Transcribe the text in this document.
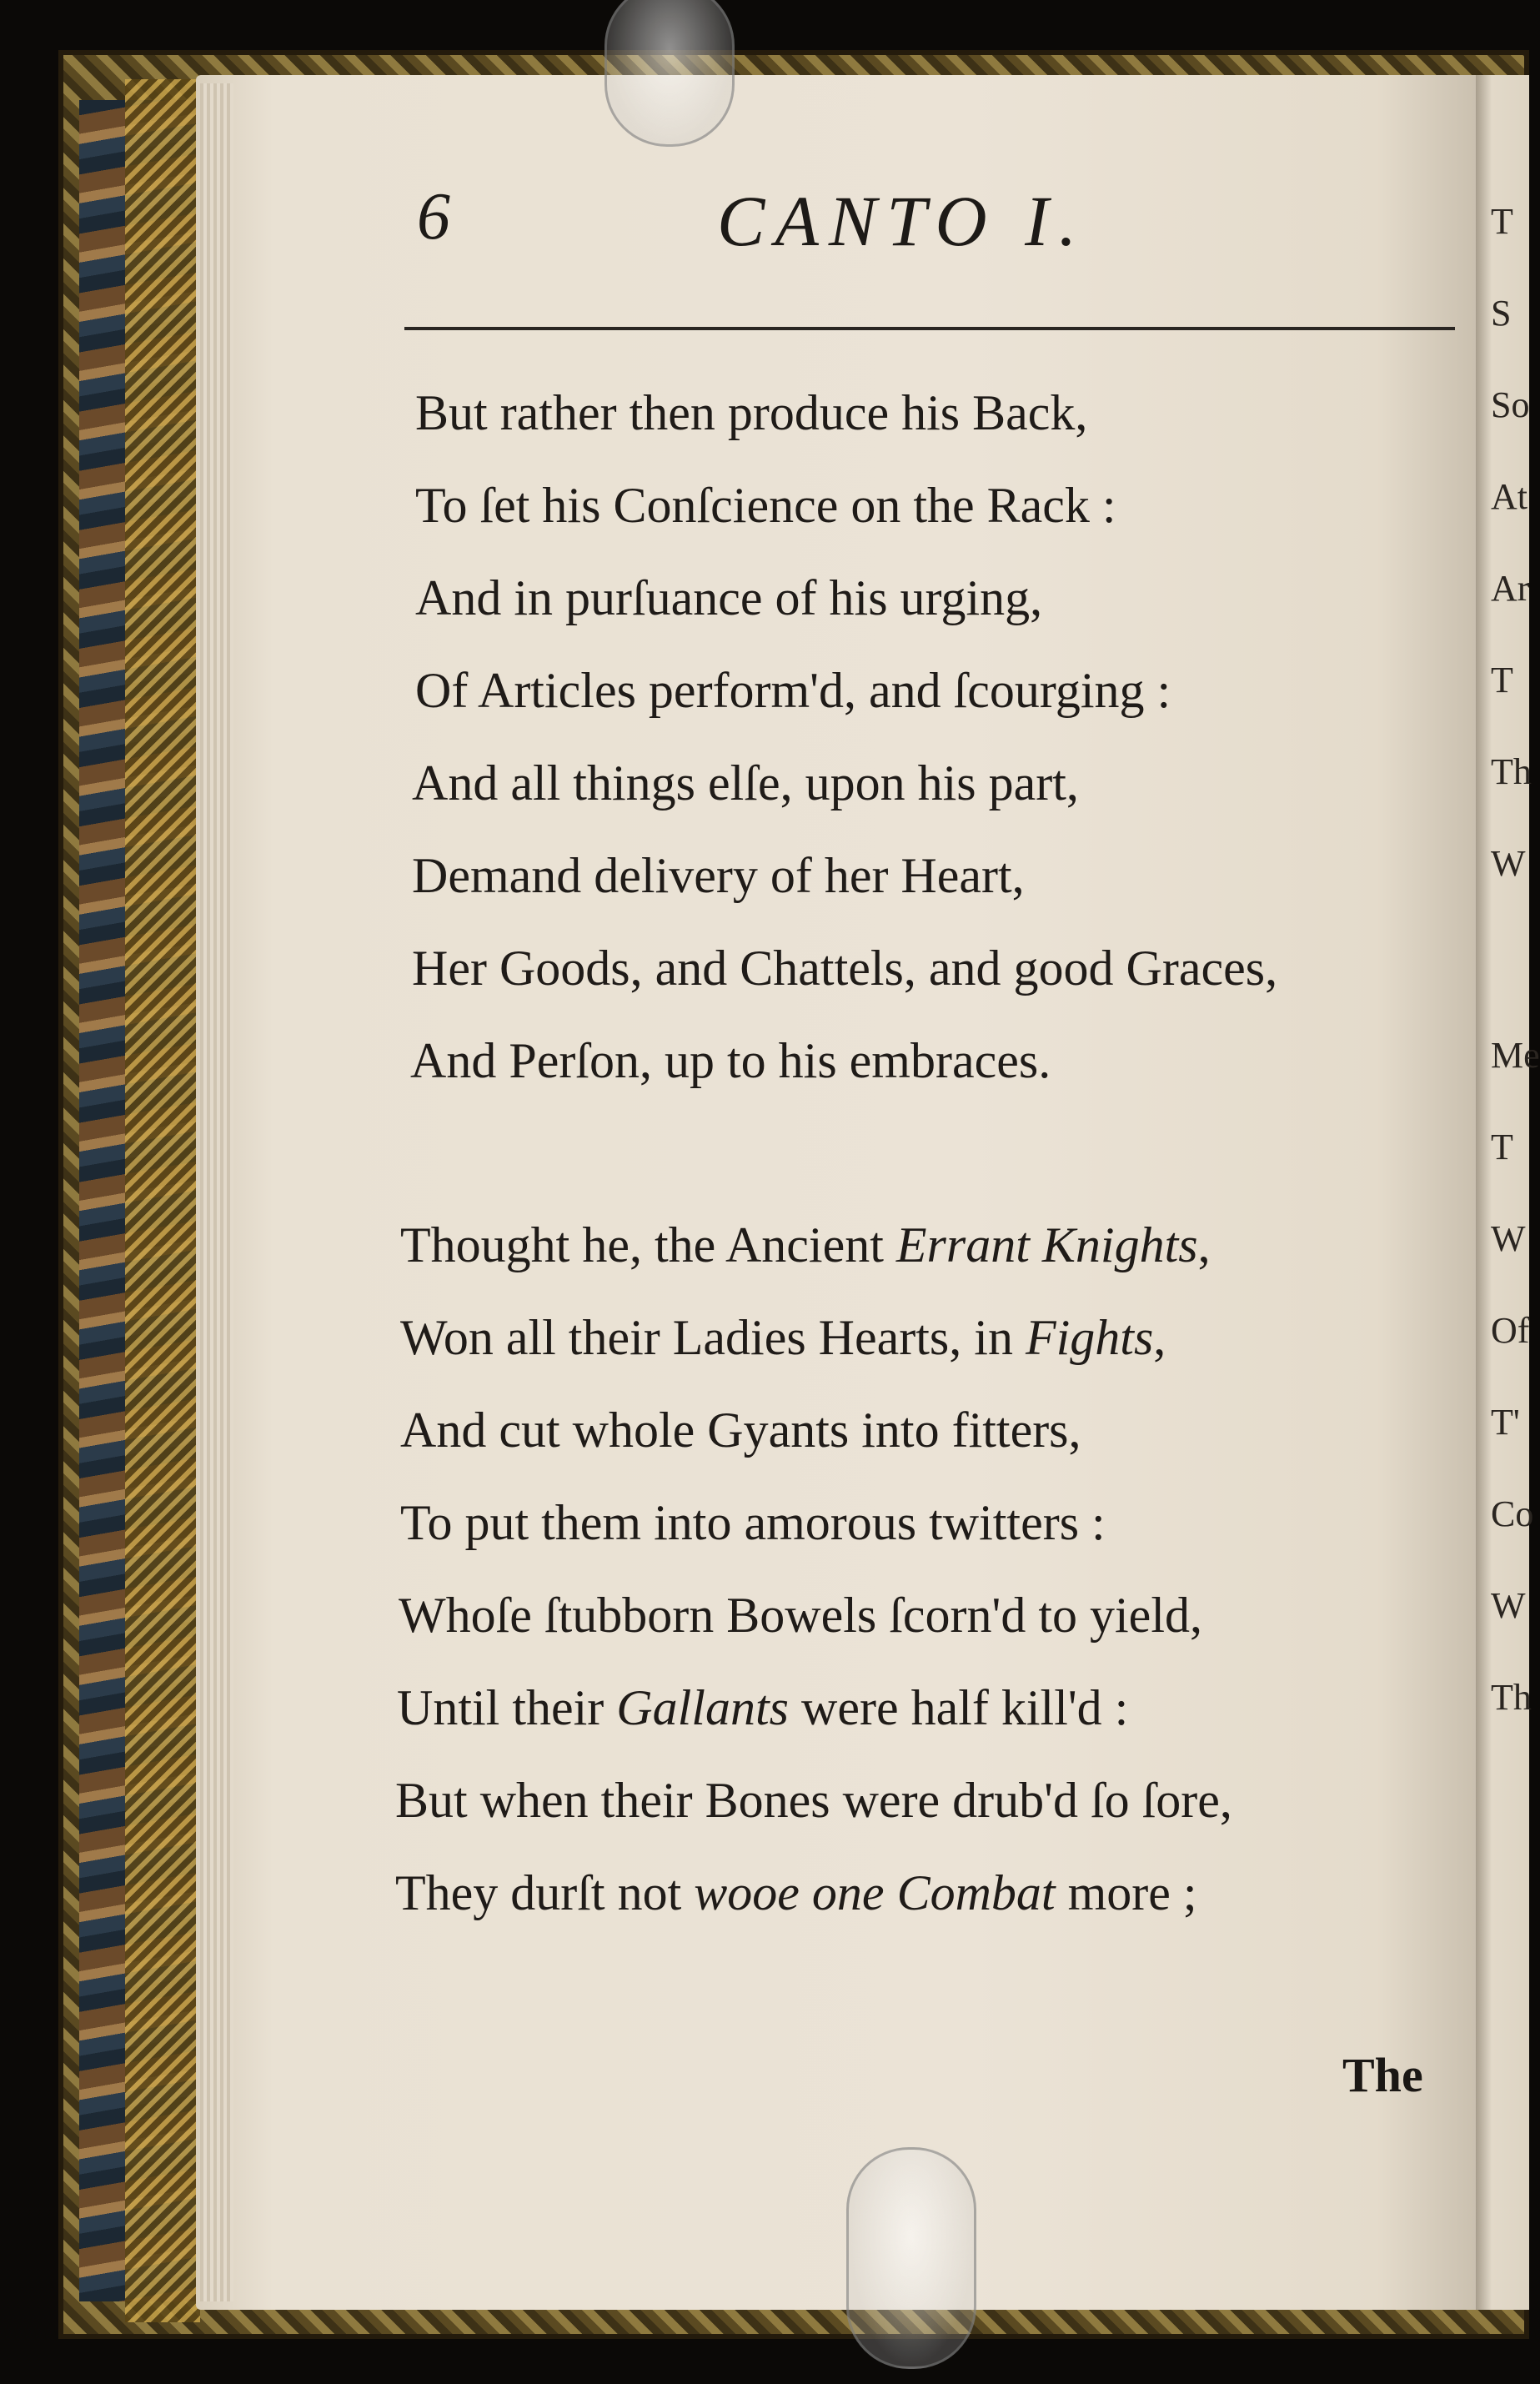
T
S
So
At
Ar
T
Th
W
Me
T
W
Of
T'
Co
W
Th
6	CANTO I.
But rather then produce his Back,
To ſet his Conſcience on the Rack :
And in purſuance of his urging,
Of Articles perform'd, and ſcourging :
And all things elſe, upon his part,
Demand delivery of her Heart,
Her Goods, and Chattels, and good Graces,
And Perſon, up to his embraces.
Thought he, the Ancient Errant Knights,
Won all their Ladies Hearts, in Fights,
And cut whole Gyants into fitters,
To put them into amorous twitters :
Whoſe ſtubborn Bowels ſcorn'd to yield,
Until their Gallants were half kill'd :
But when their Bones were drub'd ſo ſore,
They durſt not wooe one Combat more ;
The
